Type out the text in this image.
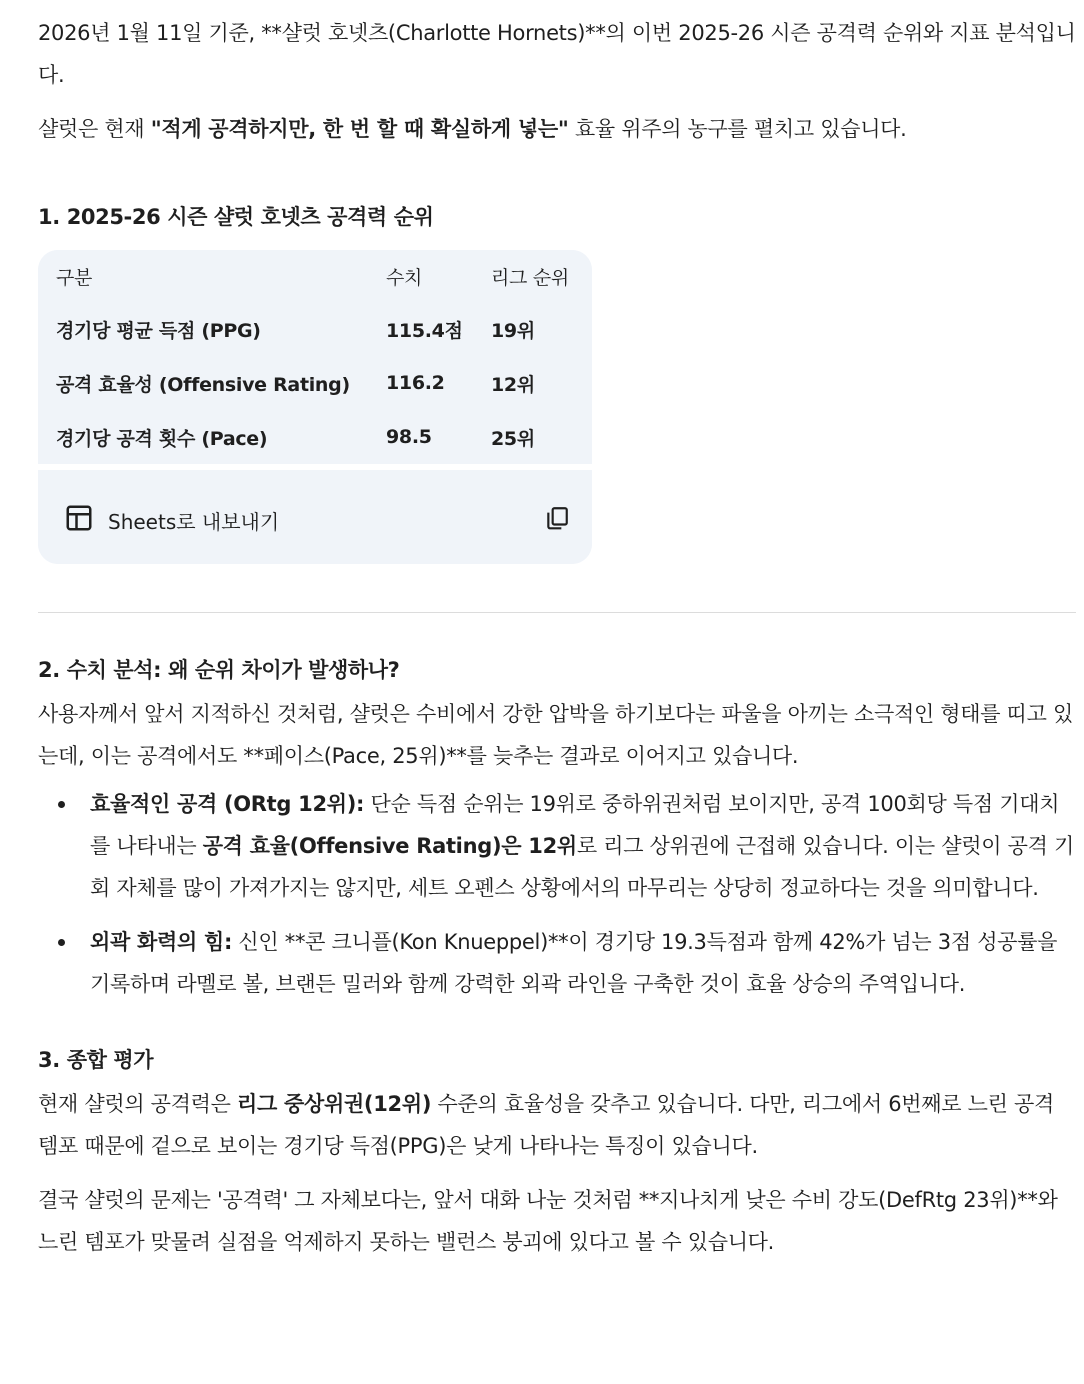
2026년 1월 11일 기준, **샬럿 호넷츠(Charlotte Hornets)**의 이번 2025-26 시즌 공격력 순위와 지표 분석입니다.

샬럿은 현재 "적게 공격하지만, 한 번 할 때 확실하게 넣는" 효율 위주의 농구를 펼치고 있습니다.

1. 2025-26 시즌 샬럿 호넷츠 공격력 순위
구분	수치	리그 순위
경기당 평균 득점 (PPG)	115.4점	19위
공격 효율성 (Offensive Rating)	116.2	12위
경기당 공격 횟수 (Pace)	98.5	25위
Sheets로 내보내기
2. 수치 분석: 왜 순위 차이가 발생하나?

사용자께서 앞서 지적하신 것처럼, 샬럿은 수비에서 강한 압박을 하기보다는 파울을 아끼는 소극적인 형태를 띠고 있는데, 이는 공격에서도 **페이스(Pace, 25위)**를 늦추는 결과로 이어지고 있습니다.

효율적인 공격 (ORtg 12위): 단순 득점 순위는 19위로 중하위권처럼 보이지만, 공격 100회당 득점 기대치를 나타내는 공격 효율(Offensive Rating)은 12위로 리그 상위권에 근접해 있습니다. 이는 샬럿이 공격 기회 자체를 많이 가져가지는 않지만, 세트 오펜스 상황에서의 마무리는 상당히 정교하다는 것을 의미합니다.
외곽 화력의 힘: 신인 **콘 크니플(Kon Knueppel)**이 경기당 19.3득점과 함께 42%가 넘는 3점 성공률을 기록하며 라멜로 볼, 브랜든 밀러와 함께 강력한 외곽 라인을 구축한 것이 효율 상승의 주역입니다.
3. 종합 평가

현재 샬럿의 공격력은 리그 중상위권(12위) 수준의 효율성을 갖추고 있습니다. 다만, 리그에서 6번째로 느린 공격 템포 때문에 겉으로 보이는 경기당 득점(PPG)은 낮게 나타나는 특징이 있습니다.

결국 샬럿의 문제는 '공격력' 그 자체보다는, 앞서 대화 나눈 것처럼 **지나치게 낮은 수비 강도(DefRtg 23위)**와 느린 템포가 맞물려 실점을 억제하지 못하는 밸런스 붕괴에 있다고 볼 수 있습니다.
